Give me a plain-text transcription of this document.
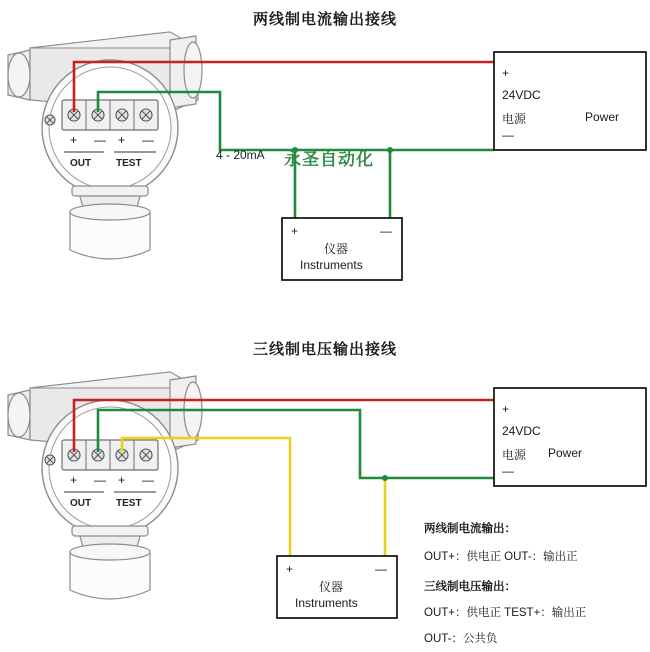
两线制电流输出接线
三线制电压输出接线
+
24VDC
电源	Power
—
+	—
仪器
Instruments
4 - 20mA 永圣自动化
+ — + —
OUT TEST
+
24VDC
电源 Power
—
+	—
仪器
Instruments
+ — + —
OUT TEST
两线制电流输出：
OUT+：供电正 OUT-：输出正
三线制电压输出：
OUT+：供电正 TEST+：输出正
OUT-：公共负
